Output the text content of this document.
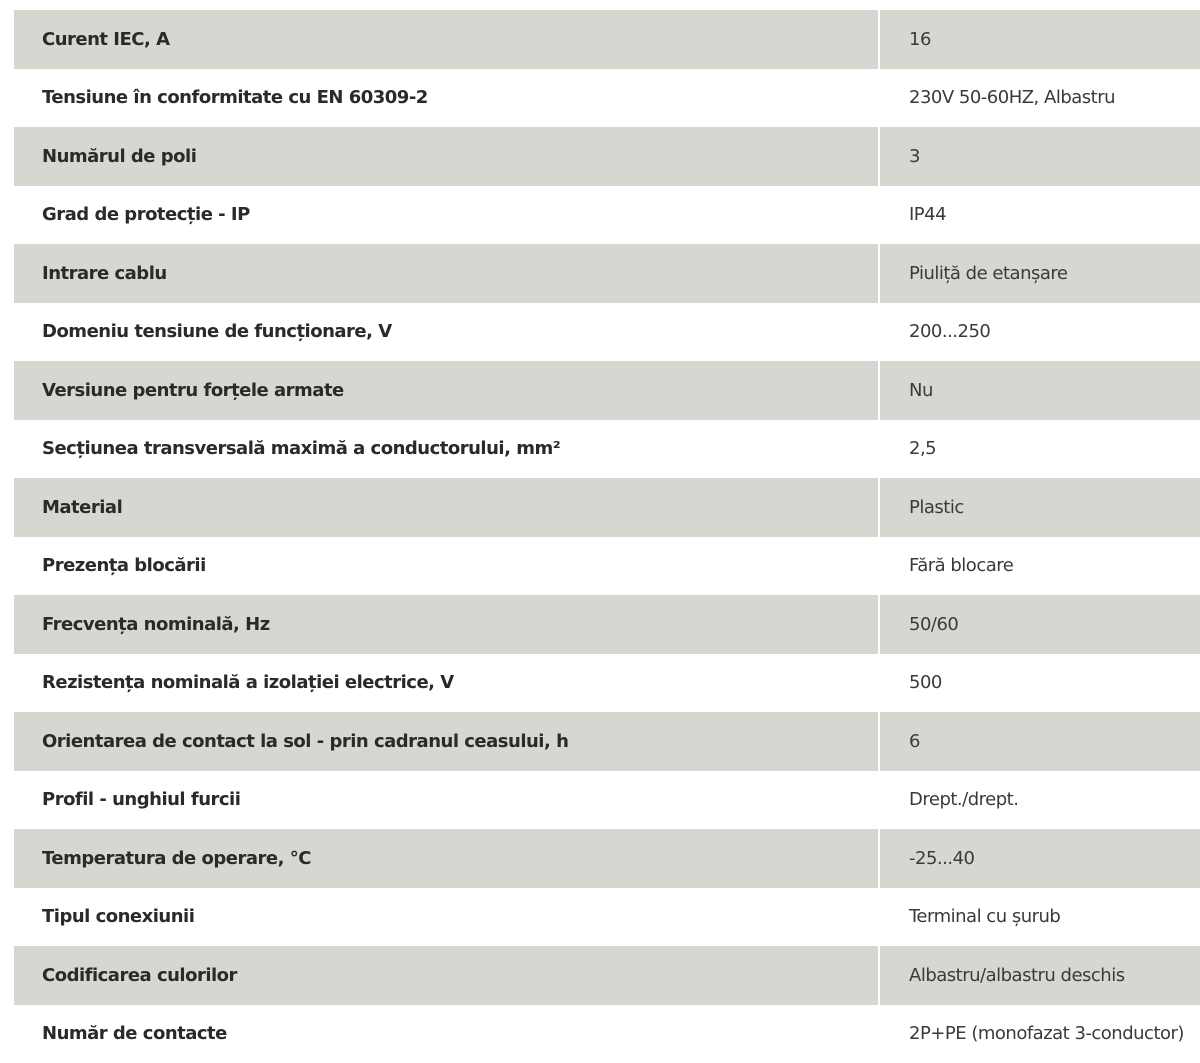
Curent IEC, A	16
Tensiune în conformitate cu EN 60309-2	230V 50-60HZ, Albastru
Numărul de poli	3
Grad de protecție - IP	IP44
Intrare cablu	Piuliță de etanșare
Domeniu tensiune de funcționare, V	200...250
Versiune pentru forțele armate	Nu
Secțiunea transversală maximă a conductorului, mm²	2,5
Material	Plastic
Prezența blocării	Fără blocare
Frecvența nominală, Hz	50/60
Rezistența nominală a izolației electrice, V	500
Orientarea de contact la sol - prin cadranul ceasului, h	6
Profil - unghiul furcii	Drept./drept.
Temperatura de operare, °C	-25...40
Tipul conexiunii	Terminal cu șurub
Codificarea culorilor	Albastru/albastru deschis
Număr de contacte	2P+PE (monofazat 3-conductor)
